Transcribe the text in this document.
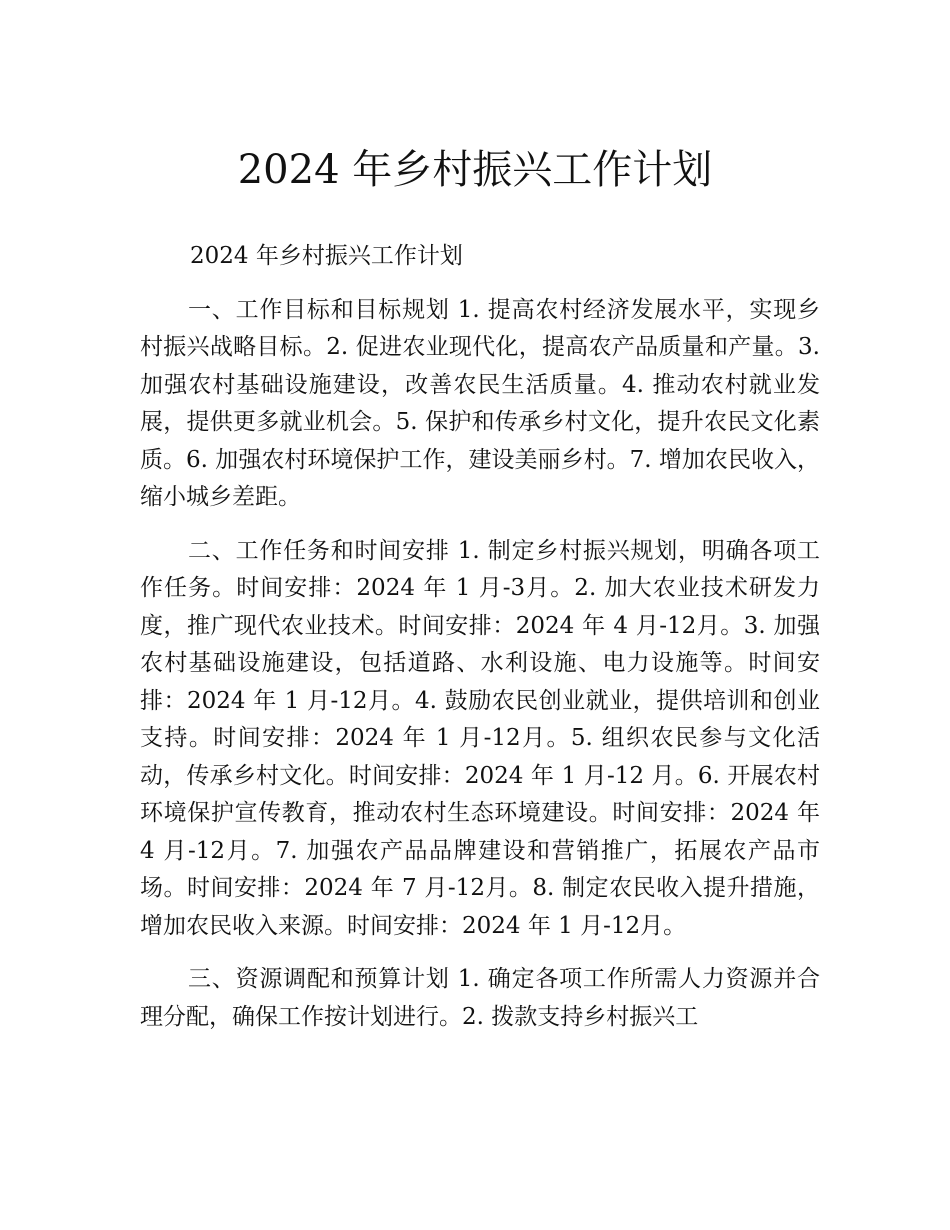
2024 年乡村振兴工作计划

2024 年乡村振兴工作计划

一、工作目标和目标规划 1. 提高农村经济发展水平，实现乡村振兴战略目标。2. 促进农业现代化，提高农产品质量和产量。3. 加强农村基础设施建设，改善农民生活质量。4. 推动农村就业发展，提供更多就业机会。5. 保护和传承乡村文化，提升农民文化素质。6. 加强农村环境保护工作，建设美丽乡村。7. 增加农民收入，缩小城乡差距。

二、工作任务和时间安排 1. 制定乡村振兴规划，明确各项工作任务。时间安排：2024 年 1 月-3月。2. 加大农业技术研发力度，推广现代农业技术。时间安排：2024 年 4 月-12月。3. 加强农村基础设施建设，包括道路、水利设施、电力设施等。时间安排：2024 年 1 月-12月。4. 鼓励农民创业就业，提供培训和创业支持。时间安排：2024 年 1 月-12月。5. 组织农民参与文化活动，传承乡村文化。时间安排：2024 年 1 月-12 月。6. 开展农村环境保护宣传教育，推动农村生态环境建设。时间安排：2024 年 4 月-12月。7. 加强农产品品牌建设和营销推广，拓展农产品市场。时间安排：2024 年 7 月-12月。8. 制定农民收入提升措施，增加农民收入来源。时间安排：2024 年 1 月-12月。

三、资源调配和预算计划 1. 确定各项工作所需人力资源并合理分配，确保工作按计划进行。2. 拨款支持乡村振兴工
